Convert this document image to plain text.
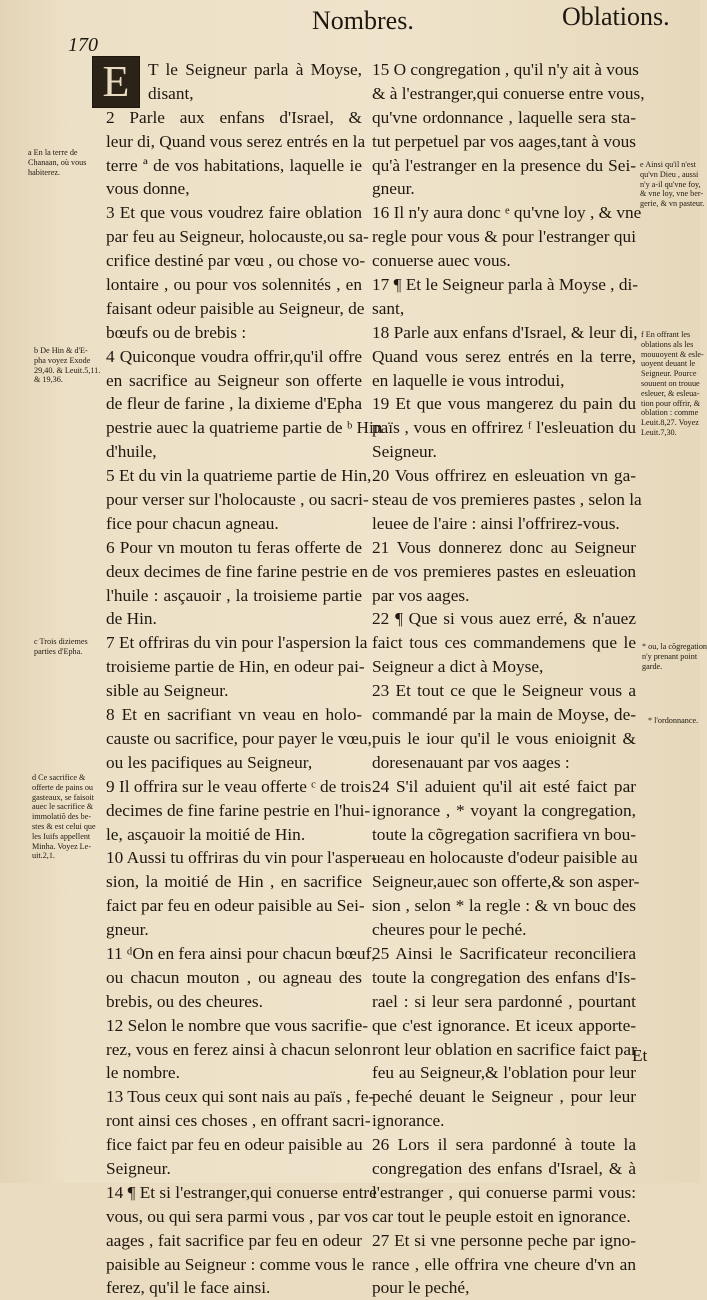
170
Nombres.	Oblations.
E	T le Seigneur parla à Moyse,
disant,
2 Parle aux enfans d'Israel, &
leur di, Quand vous serez entrés en la
terre ª de vos habitations, laquelle ie
vous donne,
3 Et que vous voudrez faire oblation
par feu au Seigneur, holocauste,ou sa-
crifice destiné par vœu , ou chose vo-
lontaire , ou pour vos solennités , en
faisant odeur paisible au Seigneur, de
bœufs ou de brebis :
4 Quiconque voudra offrir,qu'il offre
en sacrifice au Seigneur son offerte
de fleur de farine , la dixieme d'Epha
pestrie auec la quatrieme partie de ᵇ Hin
d'huile,
5 Et du vin la quatrieme partie de Hin,
pour verser sur l'holocauste , ou sacri-
fice pour chacun agneau.
6 Pour vn mouton tu feras offerte de
deux decimes de fine farine pestrie en
l'huile : asçauoir , la troisieme partie
de Hin.
7 Et offriras du vin pour l'aspersion la
troisieme partie de Hin, en odeur pai-
sible au Seigneur.
8 Et en sacrifiant vn veau en holo-
causte ou sacrifice, pour payer le vœu,
ou les pacifiques au Seigneur,
9 Il offrira sur le veau offerte ᶜ de trois
decimes de fine farine pestrie en l'hui-
le, asçauoir la moitié de Hin.
10 Aussi tu offriras du vin pour l'asper-
sion, la moitié de Hin , en sacrifice
faict par feu en odeur paisible au Sei-
gneur.
11 ᵈOn en fera ainsi pour chacun bœuf,
ou chacun mouton , ou agneau des
brebis, ou des cheures.
12 Selon le nombre que vous sacrifie-
rez, vous en ferez ainsi à chacun selon
le nombre.
13 Tous ceux qui sont nais au païs , fe-
ront ainsi ces choses , en offrant sacri-
fice faict par feu en odeur paisible au
Seigneur.
14 ¶ Et si l'estranger,qui conuerse entre
vous, ou qui sera parmi vous , par vos
aages , fait sacrifice par feu en odeur
paisible au Seigneur : comme vous le
ferez, qu'il le face ainsi.
15 O congregation , qu'il n'y ait à vous
& à l'estranger,qui conuerse entre vous,
qu'vne ordonnance , laquelle sera sta-
tut perpetuel par vos aages,tant à vous
qu'à l'estranger en la presence du Sei-
gneur.
16 Il n'y aura donc ᵉ qu'vne loy , & vne
regle pour vous & pour l'estranger qui
conuerse auec vous.
17 ¶ Et le Seigneur parla à Moyse , di-
sant,
18 Parle aux enfans d'Israel, & leur di,
Quand vous serez entrés en la terre,
en laquelle ie vous introdui,
19 Et que vous mangerez du pain du
païs , vous en offrirez ᶠ l'esleuation du
Seigneur.
20 Vous offrirez en esleuation vn ga-
steau de vos premieres pastes , selon la
leuee de l'aire : ainsi l'offrirez-vous.
21 Vous donnerez donc au Seigneur
de vos premieres pastes en esleuation
par vos aages.
22 ¶ Que si vous auez erré, & n'auez
faict tous ces commandemens que le
Seigneur a dict à Moyse,
23 Et tout ce que le Seigneur vous a
commandé par la main de Moyse, de-
puis le iour qu'il le vous enioignit &
doresenauant par vos aages :
24 S'il aduient qu'il ait esté faict par
ignorance , * voyant la congregation,
toute la cõgregation sacrifiera vn bou-
ueau en holocauste d'odeur paisible au
Seigneur,auec son offerte,& son asper-
sion , selon * la regle : & vn bouc des
cheures pour le peché.
25 Ainsi le Sacrificateur reconciliera
toute la congregation des enfans d'Is-
rael : si leur sera pardonné , pourtant
que c'est ignorance. Et iceux apporte-
ront leur oblation en sacrifice faict par
feu au Seigneur,& l'oblation pour leur
peché deuant le Seigneur , pour leur
ignorance.
26 Lors il sera pardonné à toute la
congregation des enfans d'Israel, & à
l'estranger , qui conuerse parmi vous:
car tout le peuple estoit en ignorance.
27 Et si vne personne peche par igno-
rance , elle offrira vne cheure d'vn an
pour le peché,
a En la terre de
Chanaan, où vous
habiterez.
b De Hin & d'E-
pha voyez Exode
29,40. & Leuit.5,11.
& 19,36.
c Trois diziemes
parties d'Epha.
d Ce sacrifice &
offerte de pains ou
gasteaux, se faisoit
auec le sacrifice &
immolatiõ des be-
stes & est celui que
les Iuifs appellent
Minha. Voyez Le-
uit.2,1.
e Ainsi qu'il n'est
qu'vn Dieu , aussi
n'y a-il qu'vne foy,
& vne loy, vne ber-
gerie, & vn pasteur.
f En offrant les
oblations als les
mouuoyent & esle-
uoyent deuant le
Seigneur. Pource
souuent on trouue
esleuer, & esleua-
tion pour offrir, &
oblation : comme
Leuit.8,27. Voyez
Leuit.7,30.
* ou, la cõgregation
n'y prenant point
garde.
* l'ordonnance.
Et
